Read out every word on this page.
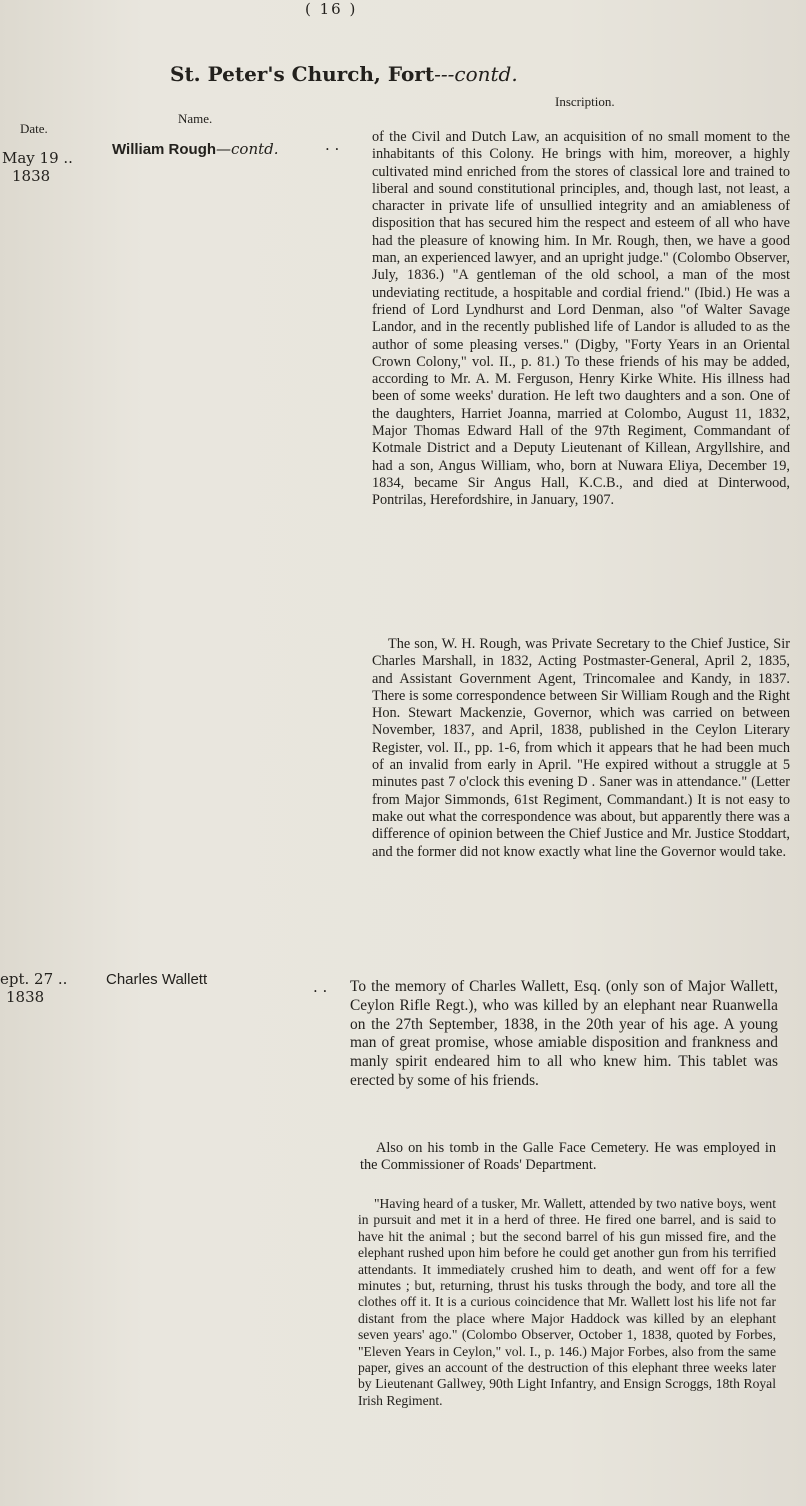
( 16 )
St. Peter's Church, Fort---contd.
Date.
Name.
Inscription.
May 19 ..
1838
William Rough—contd.	. . of the Civil and Dutch Law, an acquisition of no small moment to the inhabitants of this Colony. He brings with him, moreover, a highly cultivated mind enriched from the stores of classical lore and trained to liberal and sound constitutional principles, and, though last, not least, a character in private life of unsullied integrity and an amiableness of disposition that has secured him the respect and esteem of all who have had the pleasure of knowing him. In Mr. Rough, then, we have a good man, an experienced lawyer, and an upright judge." (Colombo Observer, July, 1836.) "A gentleman of the old school, a man of the most undeviating rectitude, a hospitable and cordial friend." (Ibid.) He was a friend of Lord Lyndhurst and Lord Denman, also "of Walter Savage Landor, and in the recently published life of Landor is alluded to as the author of some pleasing verses." (Digby, "Forty Years in an Oriental Crown Colony," vol. II., p. 81.) To these friends of his may be added, according to Mr. A. M. Ferguson, Henry Kirke White. His illness had been of some weeks' duration. He left two daughters and a son. One of the daughters, Harriet Joanna, married at Colombo, August 11, 1832, Major Thomas Edward Hall of the 97th Regiment, Commandant of Kotmale District and a Deputy Lieutenant of Killean, Argyllshire, and had a son, Angus William, who, born at Nuwara Eliya, December 19, 1834, became Sir Angus Hall, K.C.B., and died at Dinterwood, Pontrilas, Herefordshire, in January, 1907.

The son, W. H. Rough, was Private Secretary to the Chief Justice, Sir Charles Marshall, in 1832, Acting Postmaster-General, April 2, 1835, and Assistant Government Agent, Trincomalee and Kandy, in 1837. There is some correspondence between Sir William Rough and the Right Hon. Stewart Mackenzie, Governor, which was carried on between November, 1837, and April, 1838, published in the Ceylon Literary Register, vol. II., pp. 1-6, from which it appears that he had been much of an invalid from early in April. "He expired without a struggle at 5 minutes past 7 o'clock this evening D . Saner was in attendance." (Letter from Major Simmonds, 61st Regiment, Commandant.) It is not easy to make out what the correspondence was about, but apparently there was a difference of opinion between the Chief Justice and Mr. Justice Stoddart, and the former did not know exactly what line the Governor would take.

ept. 27 ..
1838
Charles Wallett	. . To the memory of Charles Wallett, Esq. (only son of Major Wallett, Ceylon Rifle Regt.), who was killed by an elephant near Ruanwella on the 27th September, 1838, in the 20th year of his age. A young man of great promise, whose amiable disposition and frankness and manly spirit endeared him to all who knew him. This tablet was erected by some of his friends.

Also on his tomb in the Galle Face Cemetery. He was employed in the Commissioner of Roads' Department.

"Having heard of a tusker, Mr. Wallett, attended by two native boys, went in pursuit and met it in a herd of three. He fired one barrel, and is said to have hit the animal ; but the second barrel of his gun missed fire, and the elephant rushed upon him before he could get another gun from his terrified attendants. It immediately crushed him to death, and went off for a few minutes ; but, returning, thrust his tusks through the body, and tore all the clothes off it. It is a curious coincidence that Mr. Wallett lost his life not far distant from the place where Major Haddock was killed by an elephant seven years' ago." (Colombo Observer, October 1, 1838, quoted by Forbes, "Eleven Years in Ceylon," vol. I., p. 146.) Major Forbes, also from the same paper, gives an account of the destruction of this elephant three weeks later by Lieutenant Gallwey, 90th Light Infantry, and Ensign Scroggs, 18th Royal Irish Regiment.
